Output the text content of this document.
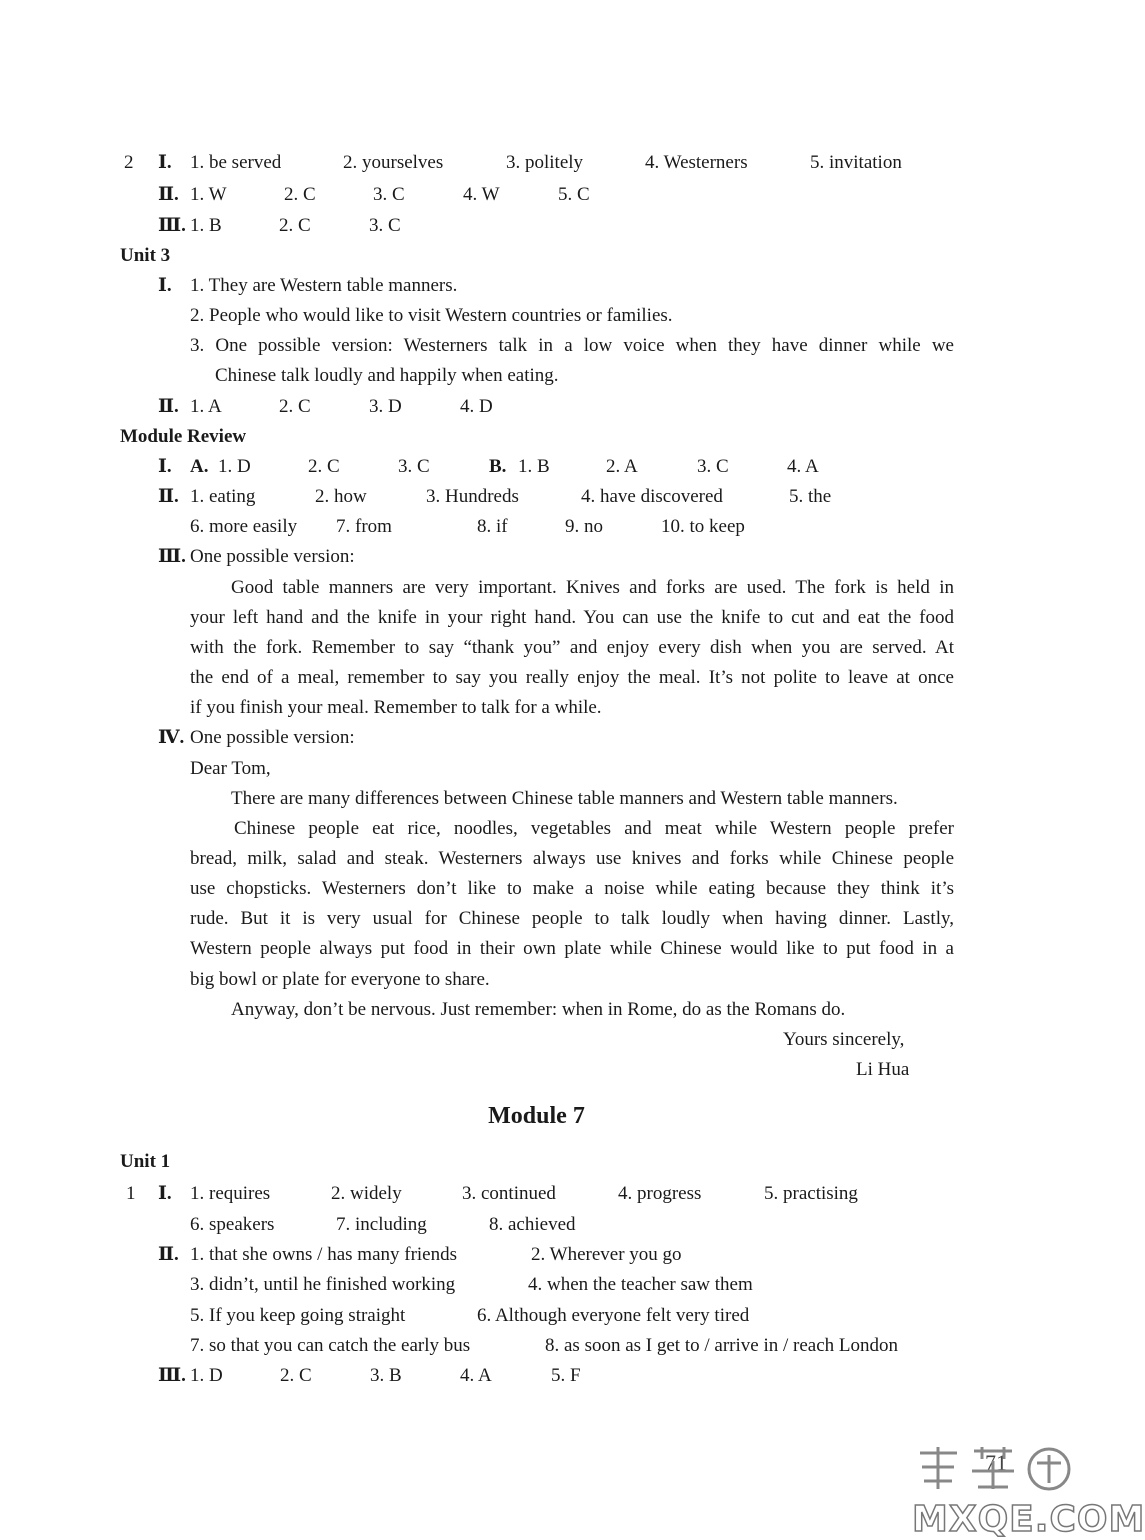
2 Ⅰ. 1. be served	2. yourselves	3. politely	4. Westerners	5. invitation
Ⅱ. 1. W	2. C	3. C	4. W	5. C
Ⅲ. 1. B	2. C	3. C
Unit 3
Ⅰ. 1. They are Western table manners.
2. People who would like to visit Western countries or families.
3. One possible version: Westerners talk in a low voice when they have dinner while we
Chinese talk loudly and happily when eating.
Ⅱ. 1. A	2. C	3. D	4. D
Module Review
Ⅰ. A. 1. D	2. C	3. C	B. 1. B	2. A	3. C	4. A
Ⅱ. 1. eating	2. how	3. Hundreds	4. have discovered	5. the
6. more easily 7. from	8. if	9. no	10. to keep
Ⅲ. One possible version:
Good table manners are very important. Knives and forks are used. The fork is held in
your left hand and the knife in your right hand. You can use the knife to cut and eat the food
with the fork. Remember to say “thank you” and enjoy every dish when you are served. At
the end of a meal, remember to say you really enjoy the meal. It’s not polite to leave at once
if you finish your meal. Remember to talk for a while.
Ⅳ. One possible version:
Dear Tom,
There are many differences between Chinese table manners and Western table manners.
Chinese people eat rice, noodles, vegetables and meat while Western people prefer
bread, milk, salad and steak. Westerners always use knives and forks while Chinese people
use chopsticks. Westerners don’t like to make a noise while eating because they think it’s
rude. But it is very usual for Chinese people to talk loudly when having dinner. Lastly,
Western people always put food in their own plate while Chinese would like to put food in a
big bowl or plate for everyone to share.
Anyway, don’t be nervous. Just remember: when in Rome, do as the Romans do.
Yours sincerely,
Li Hua
Module 7
Unit 1
1 Ⅰ. 1. requires	2. widely	3. continued	4. progress	5. practising
6. speakers	7. including	8. achieved
Ⅱ. 1. that she owns / has many friends	2. Wherever you go
3. didn’t, until he finished working	4. when the teacher saw them
5. If you keep going straight	6. Although everyone felt very tired
7. so that you can catch the early bus	8. as soon as I get to / arrive in / reach London
Ⅲ. 1. D	2. C	3. B	4. A	5. F
71
MXQE.COM
